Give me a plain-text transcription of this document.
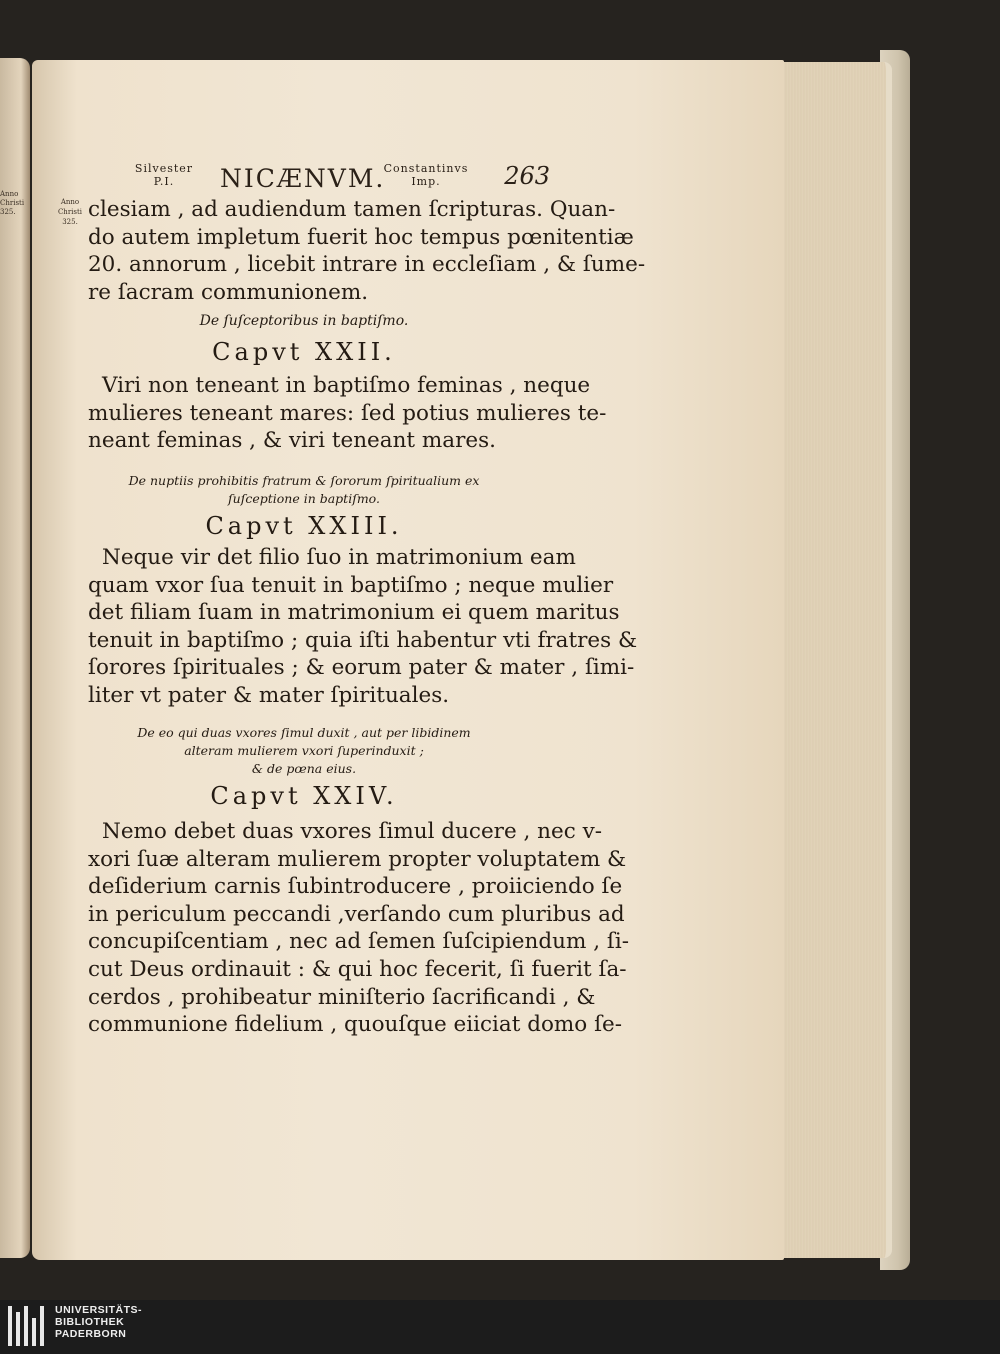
Anno
Christi
325.
Silvester
P.I.	NICÆNVM.
Constantinvs
Imp.	263
Anno
Christi
325. clesiam , ad audiendum tamen ſcripturas. Quan-
do autem impletum fuerit hoc tempus pœnitentiæ
20. annorum , licebit intrare in eccleſiam , & ſume-
re ſacram communionem.
De ſuſceptoribus in baptiſmo.
Capvt XXII.
Viri non teneant in baptiſmo feminas , neque
mulieres teneant mares: ſed potius mulieres te-
neant feminas , & viri teneant mares.
De nuptiis prohibitis fratrum & ſororum ſpiritualium ex
ſuſceptione in baptiſmo.
Capvt XXIII.
Neque vir det filio ſuo in matrimonium eam
quam vxor ſua tenuit in baptiſmo ; neque mulier
det filiam ſuam in matrimonium ei quem maritus
tenuit in baptiſmo ; quia iſti habentur vti fratres &
ſorores ſpirituales ; & eorum pater & mater , ſimi-
liter vt pater & mater ſpirituales.
De eo qui duas vxores ſimul duxit , aut per libidinem
alteram mulierem vxori ſuperinduxit ;
& de pœna eius.
Capvt XXIV.
Nemo debet duas vxores ſimul ducere , nec v-
xori ſuæ alteram mulierem propter voluptatem &
deſiderium carnis ſubintroducere , proiiciendo ſe
in periculum peccandi ,verſando cum pluribus ad
concupiſcentiam , nec ad ſemen ſuſcipiendum , ſi-
cut Deus ordinauit : & qui hoc fecerit, ſi fuerit ſa-
cerdos , prohibeatur miniſterio ſacrificandi , &
communione fidelium , quouſque eiiciat domo ſe-
UNIVERSITÄTS-
BIBLIOTHEK
PADERBORN
